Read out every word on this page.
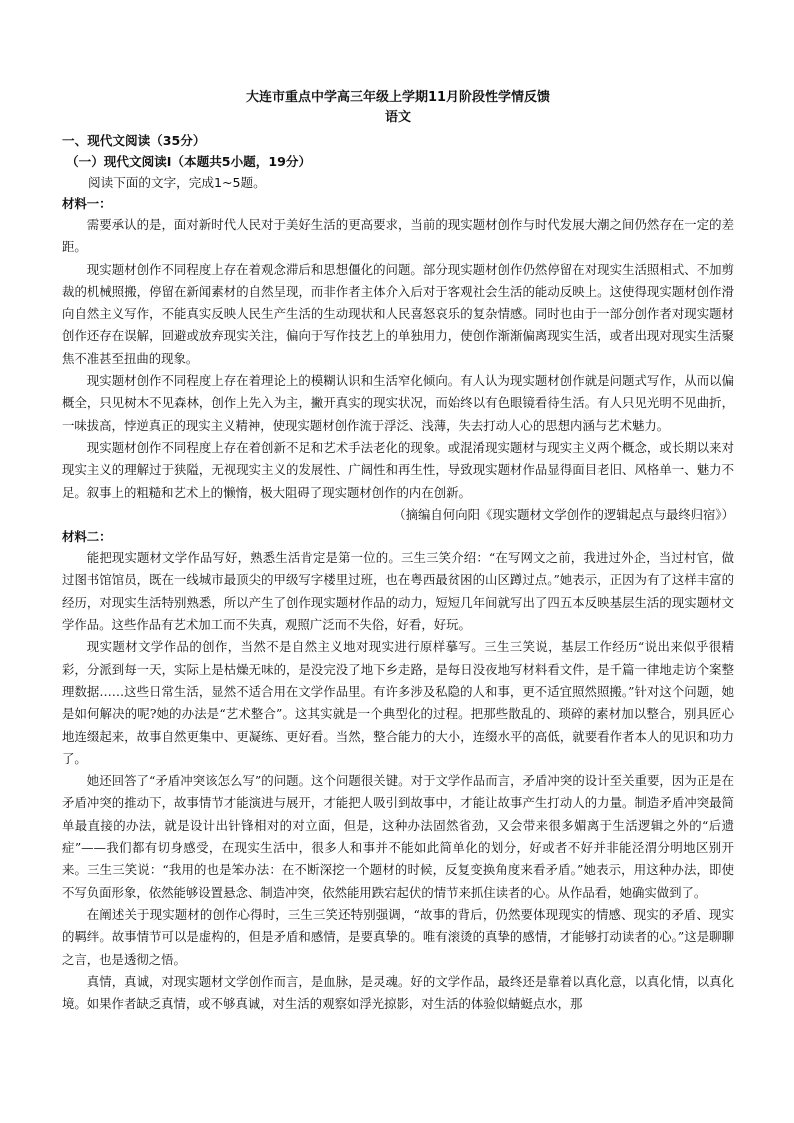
大连市重点中学高三年级上学期11月阶段性学情反馈

语文

一、现代文阅读（35分）

（一）现代文阅读Ⅰ（本题共5小题，19分）

阅读下面的文字，完成1~5题。

材料一：

需要承认的是，面对新时代人民对于美好生活的更高要求，当前的现实题材创作与时代发展大潮之间仍然存在一定的差距。

现实题材创作不同程度上存在着观念滞后和思想僵化的问题。部分现实题材创作仍然停留在对现实生活照相式、不加剪裁的机械照搬，停留在新闻素材的自然呈现，而非作者主体介入后对于客观社会生活的能动反映上。这使得现实题材创作滑向自然主义写作，不能真实反映人民生产生活的生动现状和人民喜怒哀乐的复杂情感。同时也由于一部分创作者对现实题材创作还存在误解，回避或放弃现实关注，偏向于写作技艺上的单独用力，使创作渐渐偏离现实生活，或者出现对现实生活聚焦不准甚至扭曲的现象。

现实题材创作不同程度上存在着理论上的模糊认识和生活窄化倾向。有人认为现实题材创作就是问题式写作，从而以偏概全，只见树木不见森林，创作上先入为主，撇开真实的现实状况，而始终以有色眼镜看待生活。有人只见光明不见曲折，一味拔高，悖逆真正的现实主义精神，使现实题材创作流于浮泛、浅薄，失去打动人心的思想内涵与艺术魅力。

现实题材创作不同程度上存在着创新不足和艺术手法老化的现象。或混淆现实题材与现实主义两个概念，或长期以来对现实主义的理解过于狭隘，无视现实主义的发展性、广阔性和再生性，导致现实题材作品显得面目老旧、风格单一、魅力不足。叙事上的粗糙和艺术上的懒惰，极大阻碍了现实题材创作的内在创新。

（摘编自何向阳《现实题材文学创作的逻辑起点与最终归宿》）

材料二：

能把现实题材文学作品写好，熟悉生活肯定是第一位的。三生三笑介绍：“在写网文之前，我进过外企，当过村官，做过图书馆馆员，既在一线城市最顶尖的甲级写字楼里过班，也在粤西最贫困的山区蹲过点。”她表示，正因为有了这样丰富的经历，对现实生活特别熟悉，所以产生了创作现实题材作品的动力，短短几年间就写出了四五本反映基层生活的现实题材文学作品。这些作品有艺术加工而不失真，观照广泛而不失俗，好看，好玩。

现实题材文学作品的创作，当然不是自然主义地对现实进行原样摹写。三生三笑说，基层工作经历“说出来似乎很精彩，分派到每一天，实际上是枯燥无味的，是没完没了地下乡走路，是每日没夜地写材料看文件，是千篇一律地走访个案整理数据……这些日常生活，显然不适合用在文学作品里。有许多涉及私隐的人和事，更不适宜照然照搬。”针对这个问题，她是如何解决的呢?她的办法是“艺术整合”。这其实就是一个典型化的过程。把那些散乱的、琐碎的素材加以整合，别具匠心地连缀起来，故事自然更集中、更凝练、更好看。当然，整合能力的大小，连缀水平的高低，就要看作者本人的见识和功力了。

她还回答了“矛盾冲突该怎么写”的问题。这个问题很关键。对于文学作品而言，矛盾冲突的设计至关重要，因为正是在矛盾冲突的推动下，故事情节才能演进与展开，才能把人吸引到故事中，才能让故事产生打动人的力量。制造矛盾冲突最简单最直接的办法，就是设计出针锋相对的对立面，但是，这种办法固然省劲，又会带来很多媚离于生活逻辑之外的“后遗症”——我们都有切身感受，在现实生活中，很多人和事并不能如此简单化的划分，好或者不好并非能泾渭分明地区别开来。三生三笑说：“我用的也是笨办法：在不断深挖一个题材的时候，反复变换角度来看矛盾。”她表示，用这种办法，即使不写负面形象，依然能够设置悬念、制造冲突，依然能用跌宕起伏的情节来抓住读者的心。从作品看，她确实做到了。

在阐述关于现实题材的创作心得时，三生三笑还特别强调，“故事的背后，仍然要体现现实的情感、现实的矛盾、现实的羁绊。故事情节可以是虚构的，但是矛盾和感情，是要真挚的。唯有滚烫的真挚的感情，才能够打动读者的心。”这是聊聊之言，也是透彻之悟。

真情，真诚，对现实题材文学创作而言，是血脉，是灵魂。好的文学作品，最终还是靠着以真化意，以真化情，以真化境。如果作者缺乏真情，或不够真诚，对生活的观察如浮光掠影，对生活的体验似蜻蜓点水，那
